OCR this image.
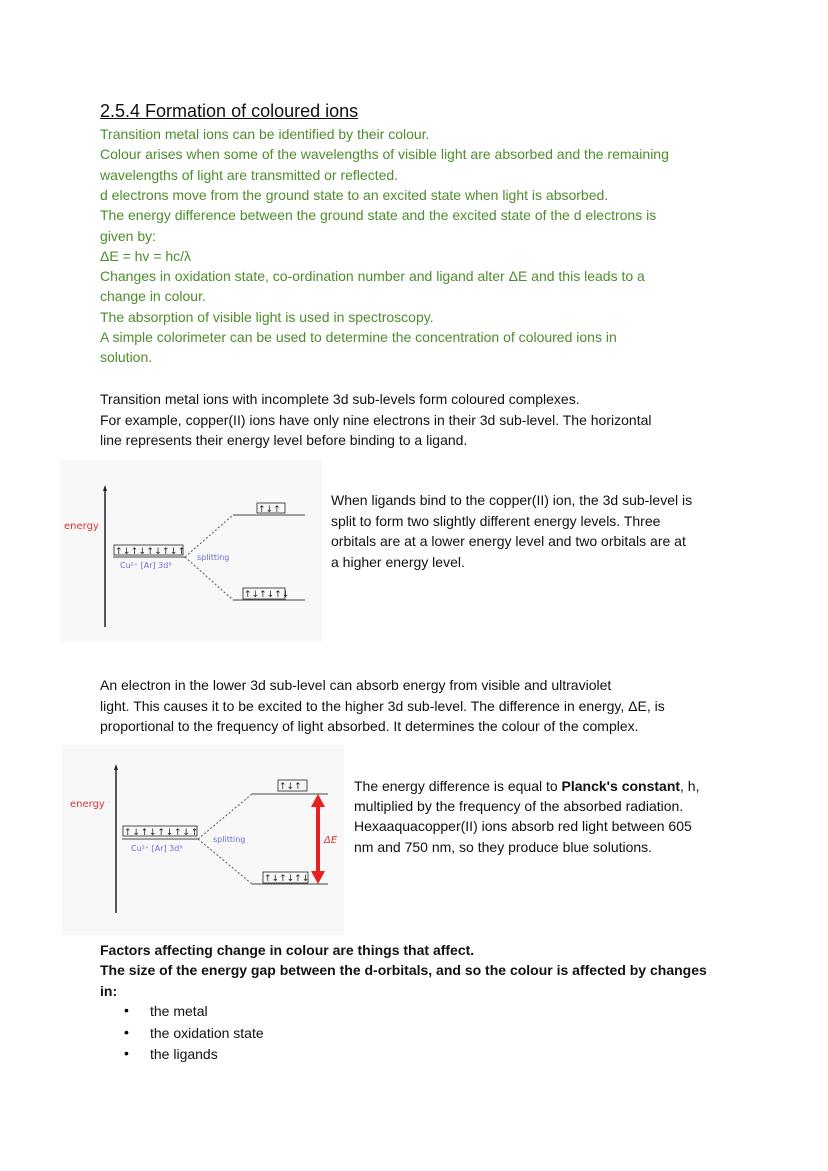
2.5.4 Formation of coloured ions
Transition metal ions can be identified by their colour.
Colour arises when some of the wavelengths of visible light are absorbed and the remaining
wavelengths of light are transmitted or reflected.
d electrons move from the ground state to an excited state when light is absorbed.
The energy difference between the ground state and the excited state of the d electrons is
given by:
ΔE = hv = hc/λ
Changes in oxidation state, co-ordination number and ligand alter ΔE and this leads to a
change in colour.
The absorption of visible light is used in spectroscopy.
A simple colorimeter can be used to determine the concentration of coloured ions in
solution.
Transition metal ions with incomplete 3d sub-levels form coloured complexes.
For example, copper(II) ions have only nine electrons in their 3d sub-level. The horizontal
line represents their energy level before binding to a ligand.
energy
↑↓↑↓↑↓↑↓↑
Cu²⁺ [Ar] 3d⁹
splitting
↑↓↑
↑↓↑↓↑↓
When ligands bind to the copper(II) ion, the 3d sub-level is
split to form two slightly different energy levels. Three
orbitals are at a lower energy level and two orbitals are at
a higher energy level.
An electron in the lower 3d sub-level can absorb energy from visible and ultraviolet
light. This causes it to be excited to the higher 3d sub-level. The difference in energy, ΔE, is
proportional to the frequency of light absorbed. It determines the colour of the complex.
energy
↑↓↑↓↑↓↑↓↑
Cu²⁺ [Ar] 3d⁹
splitting
↑↓↑
↑↓↑↓↑↓
ΔE
The energy difference is equal to Planck's constant, h,
multiplied by the frequency of the absorbed radiation.
Hexaaquacopper(II) ions absorb red light between 605
nm and 750 nm, so they produce blue solutions.
Factors affecting change in colour are things that affect.
The size of the energy gap between the d-orbitals, and so the colour is affected by changes
in:
• the metal
• the oxidation state
• the ligands
